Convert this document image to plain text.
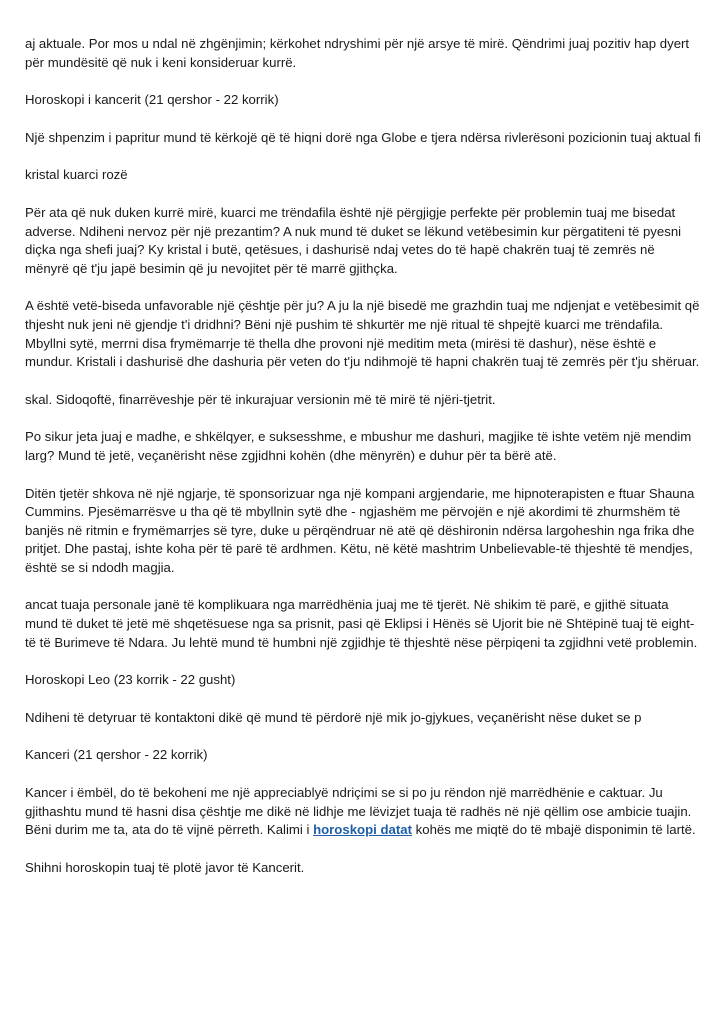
aj aktuale. Por mos u ndal në zhgënjimin; kërkohet ndryshimi për një arsye të mirë. Qëndrimi juaj pozitiv hap dyert për mundësitë që nuk i keni konsideruar kurrë.

Horoskopi i kancerit (21 qershor - 22 korrik)

Një shpenzim i papritur mund të kërkojë që të hiqni dorë nga Globe e tjera ndërsa rivlerësoni pozicionin tuaj aktual fi

kristal kuarci rozë

Për ata që nuk duken kurrë mirë, kuarci me trëndafila është një përgjigje perfekte për problemin tuaj me bisedat adverse. Ndiheni nervoz për një prezantim? A nuk mund të duket se lëkund vetëbesimin kur përgatiteni të pyesni diçka nga shefi juaj? Ky kristal i butë, qetësues, i dashurisë ndaj vetes do të hapë chakrën tuaj të zemrës në mënyrë që t'ju japë besimin që ju nevojitet për të marrë gjithçka.

A është vetë-biseda unfavorable një çështje për ju? A ju la një bisedë me grazhdin tuaj me ndjenjat e vetëbesimit që thjesht nuk jeni në gjendje t'i dridhni? Bëni një pushim të shkurtër me një ritual të shpejtë kuarci me trëndafila. Mbyllni sytë, merrni disa frymëmarrje të thella dhe provoni një meditim meta (mirësi të dashur), nëse është e mundur. Kristali i dashurisë dhe dashuria për veten do t'ju ndihmojë të hapni chakrën tuaj të zemrës për t'ju shëruar.

skal. Sidoqoftë, finarrëveshje për të inkurajuar versionin më të mirë të njëri-tjetrit.

Po sikur jeta juaj e madhe, e shkëlqyer, e suksesshme, e mbushur me dashuri, magjike të ishte vetëm një mendim larg? Mund të jetë, veçanërisht nëse zgjidhni kohën (dhe mënyrën) e duhur për ta bërë atë.

Ditën tjetër shkova në një ngjarje, të sponsorizuar nga një kompani argjendarie, me hipnoterapisten e ftuar Shauna Cummins. Pjesëmarrësve u tha që të mbyllnin sytë dhe - ngjashëm me përvojën e një akordimi të zhurmshëm të banjës në ritmin e frymëmarrjes së tyre, duke u përqëndruar në atë që dëshironin ndërsa largoheshin nga frika dhe pritjet. Dhe pastaj, ishte koha për të parë të ardhmen. Këtu, në këtë mashtrim Unbelievable-të thjeshtë të mendjes, është se si ndodh magjia.

ancat tuaja personale janë të komplikuara nga marrëdhënia juaj me të tjerët. Në shikim të parë, e gjithë situata mund të duket të jetë më shqetësuese nga sa prisnit, pasi që Eklipsi i Hënës së Ujorit bie në Shtëpinë tuaj të eight-të të Burimeve të Ndara. Ju lehtë mund të humbni një zgjidhje të thjeshtë nëse përpiqeni ta zgjidhni vetë problemin.

Horoskopi Leo (23 korrik - 22 gusht)

Ndiheni të detyruar të kontaktoni dikë që mund të përdorë një mik jo-gjykues, veçanërisht nëse duket se p

Kanceri (21 qershor - 22 korrik)

Kancer i ëmbël, do të bekoheni me një appreciablyë ndriçimi se si po ju rëndon një marrëdhënie e caktuar. Ju gjithashtu mund të hasni disa çështje me dikë në lidhje me lëvizjet tuaja të radhës në një qëllim ose ambicie tuajin. Bëni durim me ta, ata do të vijnë përreth. Kalimi i horoskopi datat kohës me miqtë do të mbajë disponimin të lartë.

Shihni horoskopin tuaj të plotë javor të Kancerit.
